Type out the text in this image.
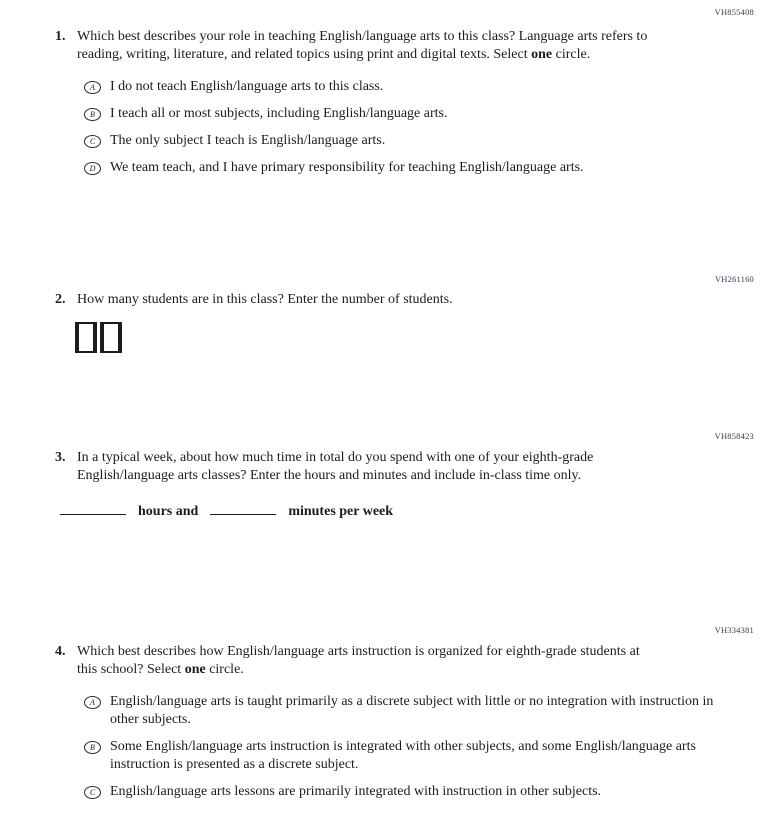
VH855408
1. Which best describes your role in teaching English/language arts to this class? Language arts refers to reading, writing, literature, and related topics using print and digital texts. Select one circle.
A	I do not teach English/language arts to this class.
B	I teach all or most subjects, including English/language arts.
C	The only subject I teach is English/language arts.
D	We team teach, and I have primary responsibility for teaching English/language arts.
VH261160
2. How many students are in this class? Enter the number of students.
VH858423
3. In a typical week, about how much time in total do you spend with one of your eighth-grade English/language arts classes? Enter the hours and minutes and include in-class time only.
hours and	minutes per week
VH334381
4. Which best describes how English/language arts instruction is organized for eighth-grade students at this school? Select one circle.
A	English/language arts is taught primarily as a discrete subject with little or no integration with instruction in other subjects.
B	Some English/language arts instruction is integrated with other subjects, and some English/language arts instruction is presented as a discrete subject.
C	English/language arts lessons are primarily integrated with instruction in other subjects.
